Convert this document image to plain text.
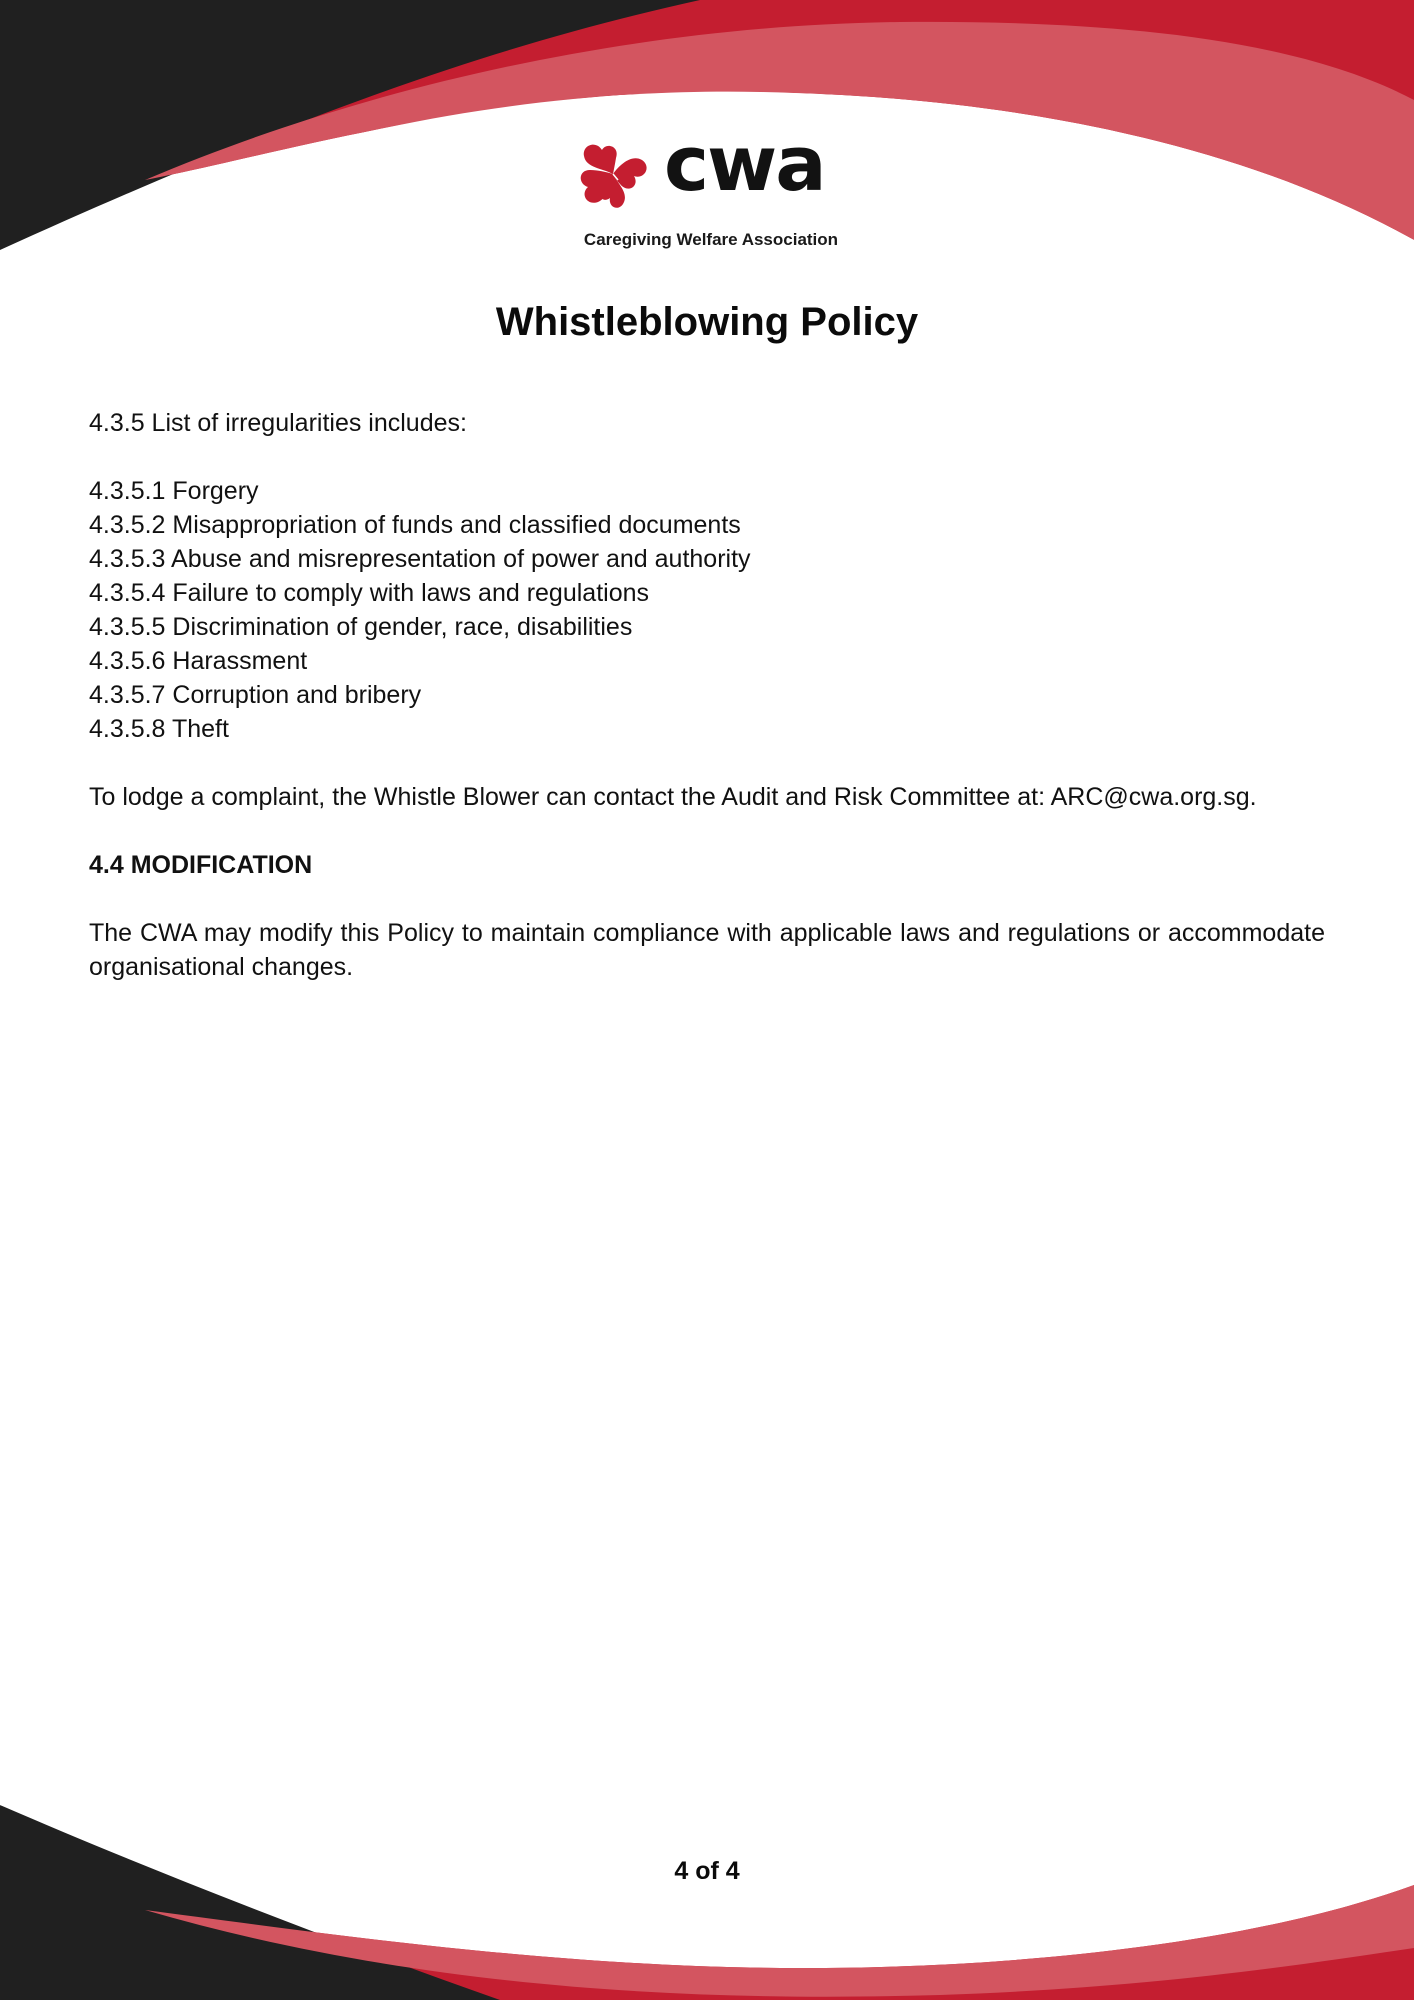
cwa
Caregiving Welfare Association
Whistleblowing Policy

4.3.5 List of irregularities includes:

4.3.5.1 Forgery
4.3.5.2 Misappropriation of funds and classified documents
4.3.5.3 Abuse and misrepresentation of power and authority
4.3.5.4 Failure to comply with laws and regulations
4.3.5.5 Discrimination of gender, race, disabilities
4.3.5.6 Harassment
4.3.5.7 Corruption and bribery
4.3.5.8 Theft

To lodge a complaint, the Whistle Blower can contact the Audit and Risk Committee at: ARC@cwa.org.sg.

4.4 MODIFICATION

The CWA may modify this Policy to maintain compliance with applicable laws and regulations or accommodate organisational changes.

4 of 4
